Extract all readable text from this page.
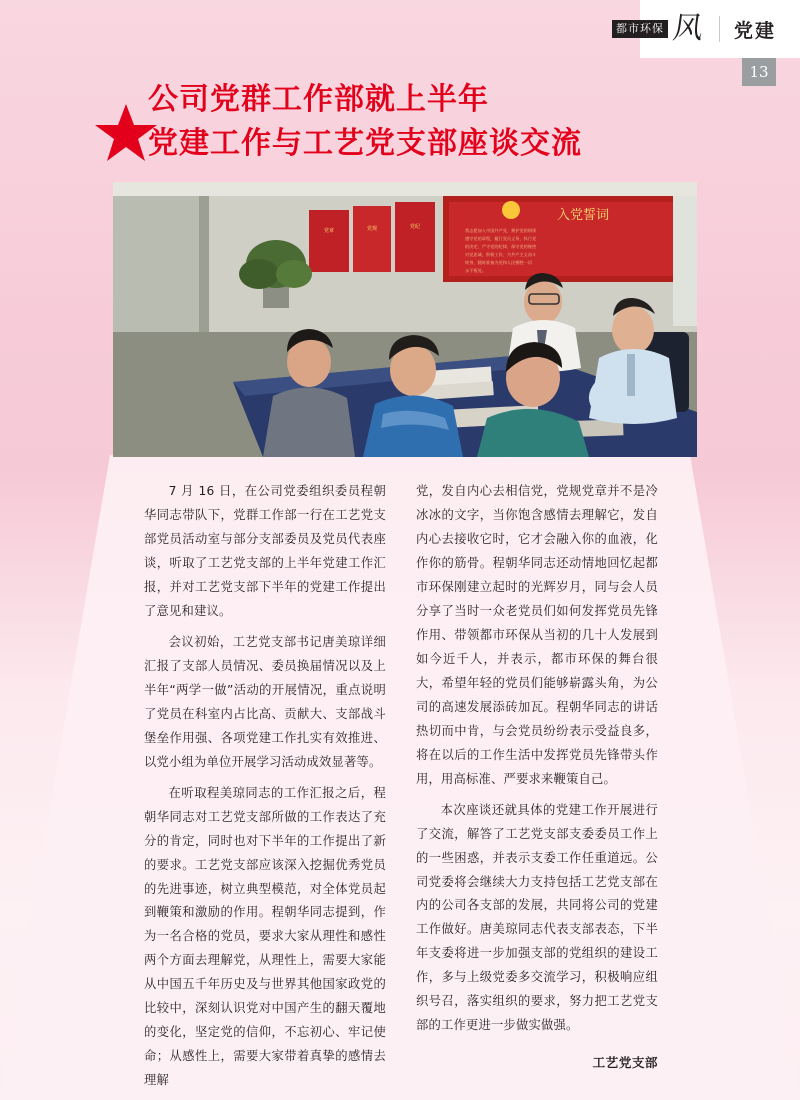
都市环保 风 党建
13
公司党群工作部就上半年
党建工作与工艺党支部座谈交流
入党誓词
我志愿加入中国共产党，拥护党的纲领
遵守党的章程，履行党员义务，执行党
的决定，严守党的纪律，保守党的秘密
对党忠诚，积极工作，为共产主义奋斗
终身，随时准备为党和人民牺牲一切
永不叛党。
党章	党规	党纪

7 月 16 日，在公司党委组织委员程朝华同志带队下，党群工作部一行在工艺党支部党员活动室与部分支部委员及党员代表座谈，听取了工艺党支部的上半年党建工作汇报，并对工艺党支部下半年的党建工作提出了意见和建议。

会议初始，工艺党支部书记唐美琼详细汇报了支部人员情况、委员换届情况以及上半年“两学一做”活动的开展情况，重点说明了党员在科室内占比高、贡献大、支部战斗堡垒作用强、各项党建工作扎实有效推进、以党小组为单位开展学习活动成效显著等。

在听取程美琼同志的工作汇报之后，程朝华同志对工艺党支部所做的工作表达了充分的肯定，同时也对下半年的工作提出了新的要求。工艺党支部应该深入挖掘优秀党员的先进事迹，树立典型模范，对全体党员起到鞭策和激励的作用。程朝华同志提到，作为一名合格的党员，要求大家从理性和感性两个方面去理解党，从理性上，需要大家能从中国五千年历史及与世界其他国家政党的比较中，深刻认识党对中国产生的翻天覆地的变化，坚定党的信仰，不忘初心、牢记使命；从感性上，需要大家带着真挚的感情去理解

党，发自内心去相信党，党规党章并不是冷冰冰的文字，当你饱含感情去理解它，发自内心去接收它时，它才会融入你的血液，化作你的筋骨。程朝华同志还动情地回忆起都市环保刚建立起时的光辉岁月，同与会人员分享了当时一众老党员们如何发挥党员先锋作用、带领都市环保从当初的几十人发展到如今近千人，并表示，都市环保的舞台很大，希望年轻的党员们能够崭露头角，为公司的高速发展添砖加瓦。程朝华同志的讲话热切而中肯，与会党员纷纷表示受益良多，将在以后的工作生活中发挥党员先锋带头作用，用高标准、严要求来鞭策自己。

本次座谈还就具体的党建工作开展进行了交流，解答了工艺党支部支委委员工作上的一些困惑，并表示支委工作任重道远。公司党委将会继续大力支持包括工艺党支部在内的公司各支部的发展，共同将公司的党建工作做好。唐美琼同志代表支部表态，下半年支委将进一步加强支部的党组织的建设工作，多与上级党委多交流学习，积极响应组织号召，落实组织的要求，努力把工艺党支部的工作更进一步做实做强。

工艺党支部
